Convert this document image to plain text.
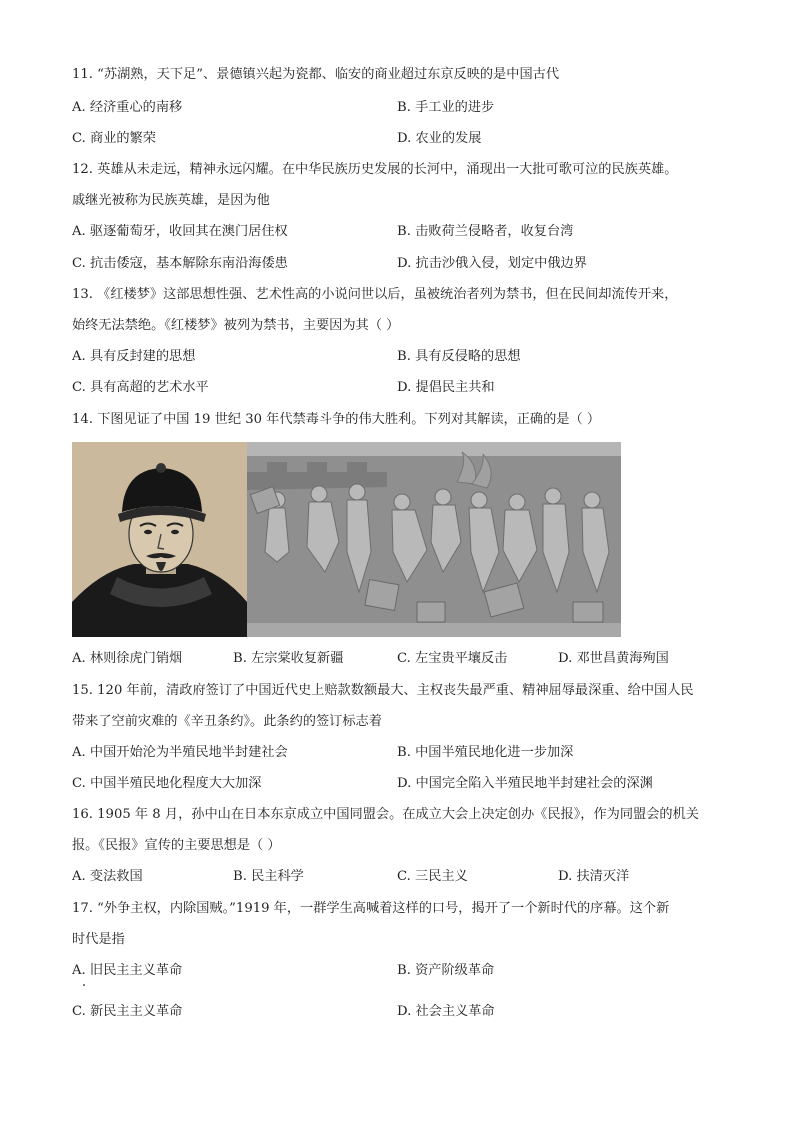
11. “苏湖熟，天下足”、景德镇兴起为瓷都、临安的商业超过东京反映的是中国古代
A. 经济重心的南移	B. 手工业的进步
C. 商业的繁荣	D. 农业的发展
12. 英雄从未走远，精神永远闪耀。在中华民族历史发展的长河中，涌现出一大批可歌可泣的民族英雄。
戚继光被称为民族英雄，是因为他
A. 驱逐葡萄牙，收回其在澳门居住权	B. 击败荷兰侵略者，收复台湾
C. 抗击倭寇，基本解除东南沿海倭患	D. 抗击沙俄入侵，划定中俄边界
13. 《红楼梦》这部思想性强、艺术性高的小说问世以后，虽被统治者列为禁书，但在民间却流传开来，
始终无法禁绝。《红楼梦》被列为禁书，主要因为其（ ）
A. 具有反封建的思想	B. 具有反侵略的思想
C. 具有高超的艺术水平	D. 提倡民主共和
14. 下图见证了中国 19 世纪 30 年代禁毒斗争的伟大胜利。下列对其解读，正确的是（ ）
A. 林则徐虎门销烟	B. 左宗棠收复新疆	C. 左宝贵平壤反击	D. 邓世昌黄海殉国
15. 120 年前，清政府签订了中国近代史上赔款数额最大、主权丧失最严重、精神屈辱最深重、给中国人民
带来了空前灾难的《辛丑条约》。此条约的签订标志着
A. 中国开始沦为半殖民地半封建社会	B. 中国半殖民地化进一步加深
C. 中国半殖民地化程度大大加深	D. 中国完全陷入半殖民地半封建社会的深渊
16. 1905 年 8 月，孙中山在日本东京成立中国同盟会。在成立大会上决定创办《民报》，作为同盟会的机关
报。《民报》宣传的主要思想是（ ）
A. 变法救国	B. 民主科学	C. 三民主义	D. 扶清灭洋
17. “外争主权，内除国贼。”1919 年，一群学生高喊着这样的口号，揭开了一个新时代的序幕。这个新
时代是指
A. 旧民主主义革命	B. 资产阶级革命
C. 新民主主义革命	D. 社会主义革命
